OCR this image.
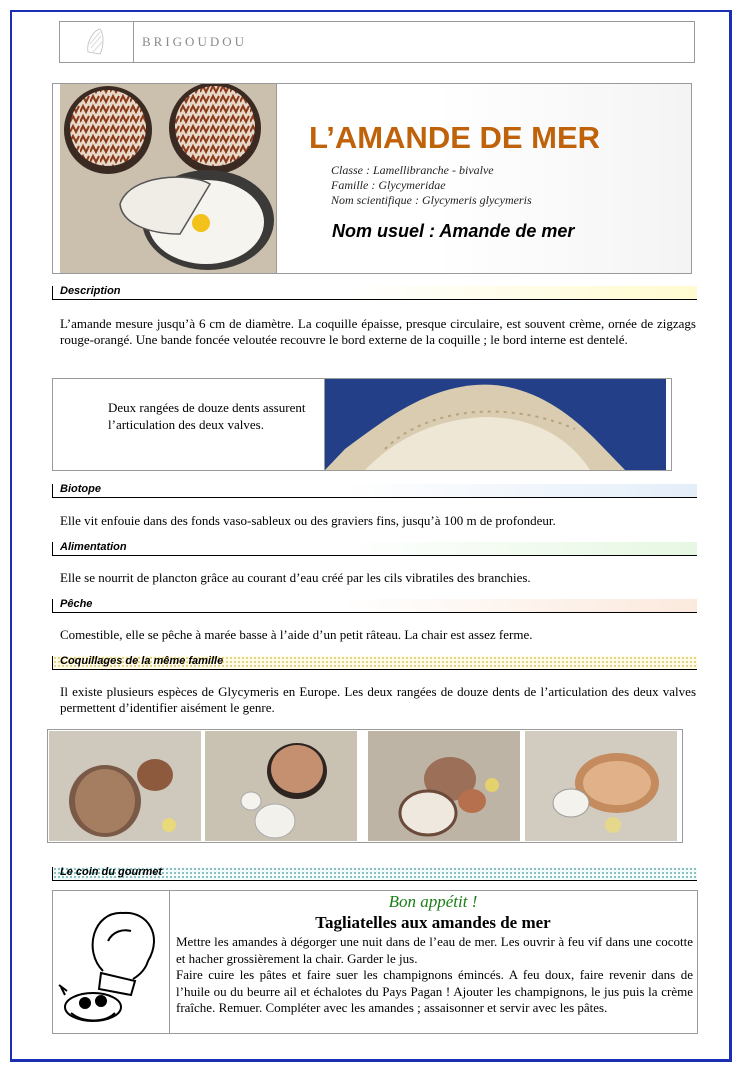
BRIGOUDOU
L’AMANDE DE MER
Classe : Lamellibranche - bivalve
Famille : Glycymeridae
Nom scientifique : Glycymeris glycymeris
Nom usuel : Amande de mer
Description
L’amande mesure jusqu’à 6 cm de diamètre. La coquille épaisse, presque circulaire, est souvent crème, ornée de zigzags rouge-orangé. Une bande foncée veloutée recouvre le bord externe de la coquille ; le bord interne est dentelé.
Deux rangées de douze dents assurent l’articulation des deux valves.
Biotope
Elle vit enfouie dans des fonds vaso-sableux ou des graviers fins, jusqu’à 100 m de profondeur.
Alimentation
Elle se nourrit de plancton grâce au courant d’eau créé par les cils vibratiles des branchies.
Pêche
Comestible, elle se pêche à marée basse à l’aide d’un petit râteau. La chair est assez ferme.
Coquillages de la même famille
Il existe plusieurs espèces de Glycymeris en Europe. Les deux rangées de douze dents de l’articulation des deux valves permettent d’identifier aisément le genre.
Le coin du gourmet
Bon appétit !
Tagliatelles aux amandes de mer
Mettre les amandes à dégorger une nuit dans de l’eau de mer. Les ouvrir à feu vif dans une cocotte et hacher grossièrement la chair. Garder le jus.
Faire cuire les pâtes et faire suer les champignons émincés. A feu doux, faire revenir dans de l’huile ou du beurre ail et échalotes du Pays Pagan ! Ajouter les champignons, le jus puis la crème fraîche. Remuer. Compléter avec les amandes ; assaisonner et servir avec les pâtes.
